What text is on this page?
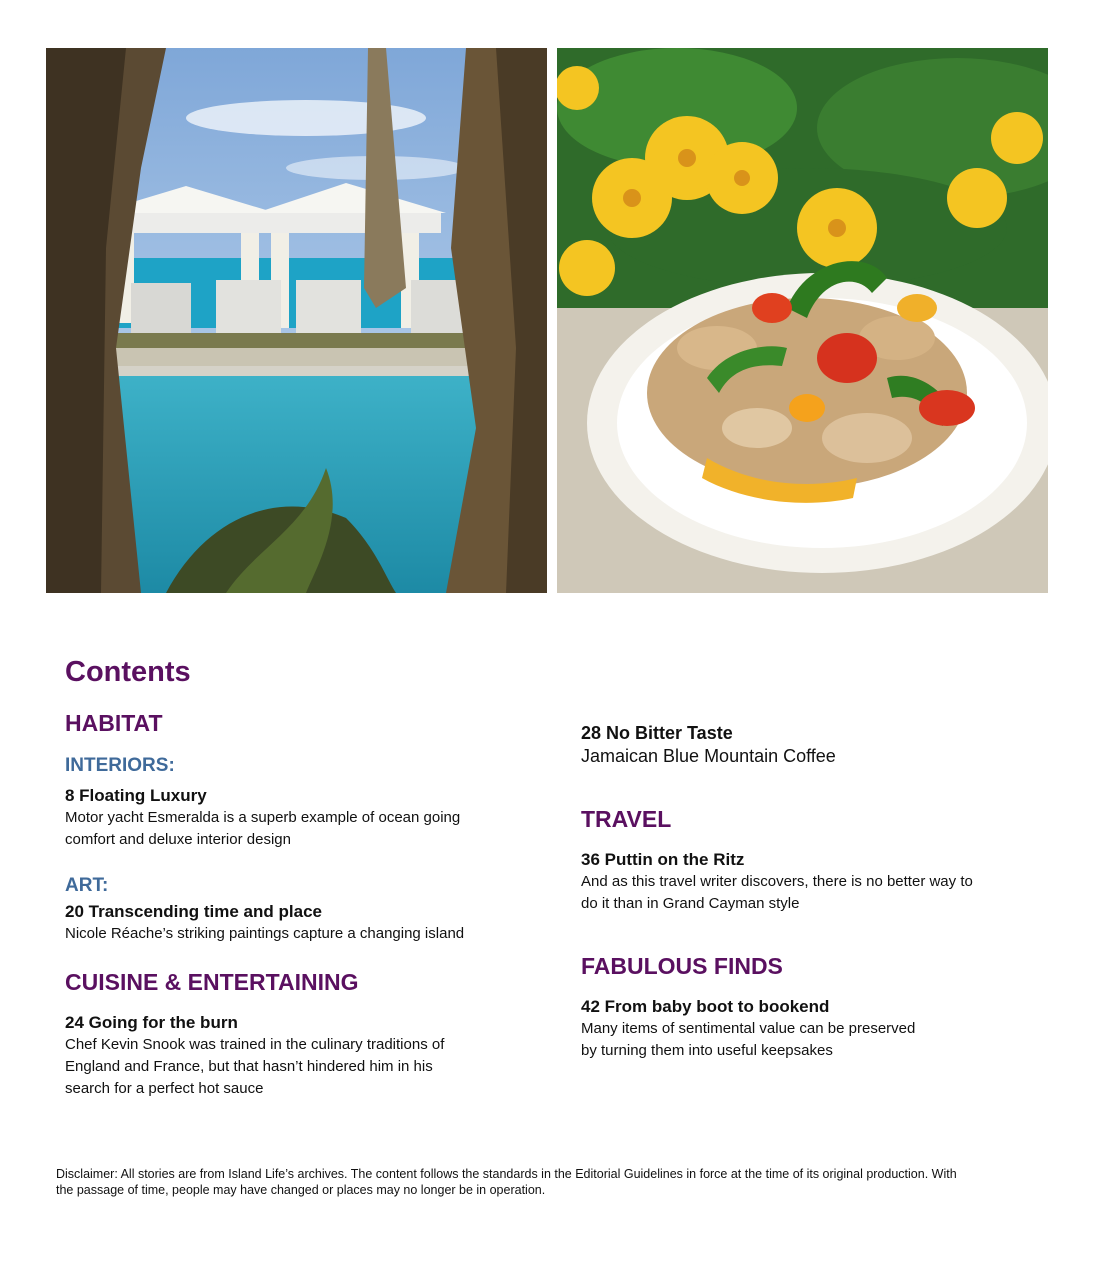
Contents
HABITAT
INTERIORS:

8 Floating Luxury

Motor yacht Esmeralda is a superb example of ocean going

comfort and deluxe interior design

ART:

20 Transcending time and place

Nicole Réache’s striking paintings capture a changing island

CUISINE & ENTERTAINING

24 Going for the burn

Chef Kevin Snook was trained in the culinary traditions of

England and France, but that hasn’t hindered him in his

search for a perfect hot sauce

28 No Bitter Taste

Jamaican Blue Mountain Coffee

TRAVEL

36 Puttin on the Ritz

And as this travel writer discovers, there is no better way to

do it than in Grand Cayman style

FABULOUS FINDS

42 From baby boot to bookend

Many items of sentimental value can be preserved

by turning them into useful keepsakes

Disclaimer: All stories are from Island Life’s archives. The content follows the standards in the Editorial Guidelines in force at the time of its original production. With
the passage of time, people may have changed or places may no longer be in operation.
